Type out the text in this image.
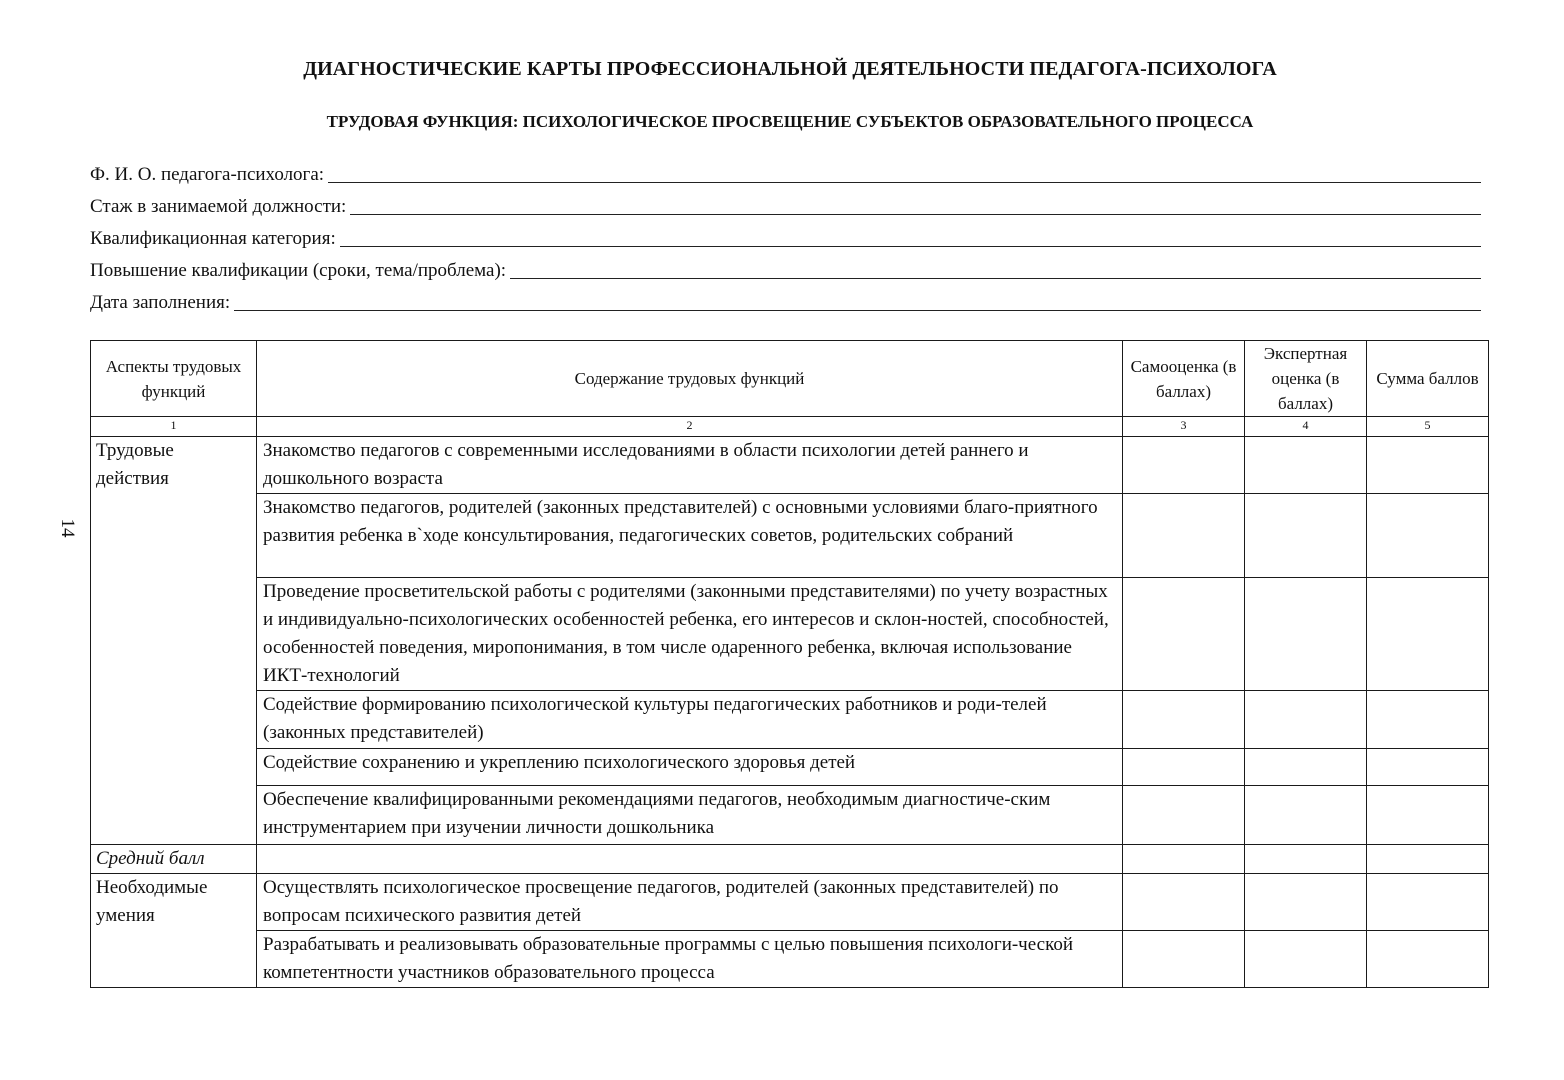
14
ДИАГНОСТИЧЕСКИЕ КАРТЫ ПРОФЕССИОНАЛЬНОЙ ДЕЯТЕЛЬНОСТИ ПЕДАГОГА-ПСИХОЛОГА
ТРУДОВАЯ ФУНКЦИЯ: ПСИХОЛОГИЧЕСКОЕ ПРОСВЕЩЕНИЕ СУБЪЕКТОВ ОБРАЗОВАТЕЛЬНОГО ПРОЦЕССА
Ф. И. О. педагога-психолога:
Стаж в занимаемой должности:
Квалификационная категория:
Повышение квалификации (сроки, тема/проблема):
Дата заполнения:
Аспекты трудовых функций	Содержание трудовых функций	Самооценка (в баллах)	Экспертная оценка (в баллах)	Сумма баллов
1	2	3	4	5
Трудовые действия	Знакомство педагогов с современными исследованиями в области психологии детей раннего и дошкольного возраста			
	Знакомство педагогов, родителей (законных представителей) с основными условиями благо-приятного развития ребенка в`ходе консультирования, педагогических советов, родительских собраний			
	Проведение просветительской работы с родителями (законными представителями) по учету возрастных и индивидуально-психологических особенностей ребенка, его интересов и склон-ностей, способностей, особенностей поведения, миропонимания, в том числе одаренного ребенка, включая использование ИКТ-технологий			
	Содействие формированию психологической культуры педагогических работников и роди-телей (законных представителей)			
	Содействие сохранению и укреплению психологического здоровья детей			
	Обеспечение квалифицированными рекомендациями педагогов, необходимым диагностиче-ским инструментарием при изучении личности дошкольника			
Средний балл				
Необходимые умения	Осуществлять психологическое просвещение педагогов, родителей (законных представителей) по вопросам психического развития детей			
	Разрабатывать и реализовывать образовательные программы с целью повышения психологи-ческой компетентности участников образовательного процесса			
